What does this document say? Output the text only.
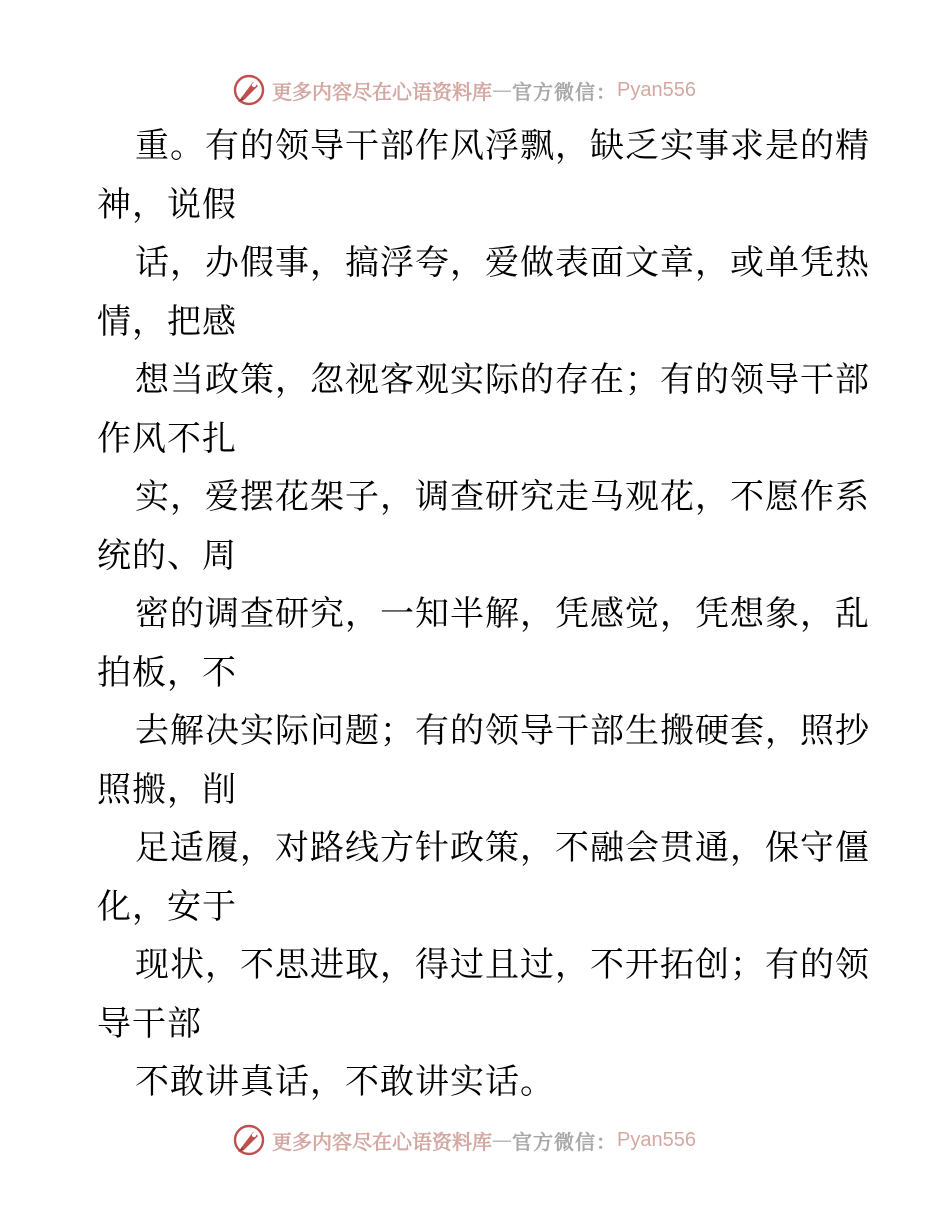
更多内容尽在心语资料库 — 官方微信： Pyan556
重。有的领导干部作风浮飘，缺乏实事求是的精
神，说假
话，办假事，搞浮夸，爱做表面文章，或单凭热
情，把感
想当政策，忽视客观实际的存在；有的领导干部
作风不扎
实，爱摆花架子，调查研究走马观花，不愿作系
统的、周
密的调查研究，一知半解，凭感觉，凭想象，乱
拍板，不
去解决实际问题；有的领导干部生搬硬套，照抄
照搬，削
足适履，对路线方针政策，不融会贯通，保守僵
化，安于
现状，不思进取，得过且过，不开拓创；有的领
导干部
不敢讲真话，不敢讲实话。
更多内容尽在心语资料库 — 官方微信： Pyan556
